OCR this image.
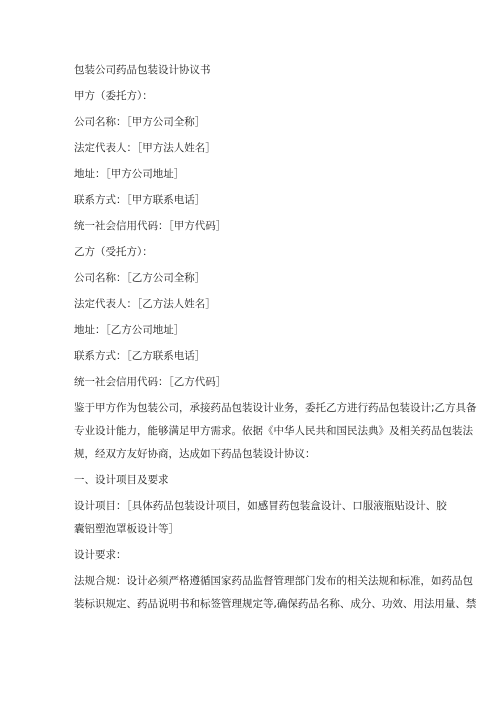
包装公司药品包装设计协议书
甲方（委托方）：
公司名称：［甲方公司全称］
法定代表人：［甲方法人姓名］
地址：［甲方公司地址］
联系方式：［甲方联系电话］
统一社会信用代码：［甲方代码］
乙方（受托方）：
公司名称：［乙方公司全称］
法定代表人：［乙方法人姓名］
地址：［乙方公司地址］
联系方式：［乙方联系电话］
统一社会信用代码：［乙方代码］
鉴于甲方作为包装公司，承接药品包装设计业务，委托乙方进行药品包装设计;乙方具备
专业设计能力，能够满足甲方需求。依据《中华人民共和国民法典》及相关药品包装法
规，经双方友好协商，达成如下药品包装设计协议：
一、设计项目及要求
设计项目：［具体药品包装设计项目，如感冒药包装盒设计、口服液瓶贴设计、胶
囊铝塑泡罩板设计等］
设计要求：
法规合规：设计必须严格遵循国家药品监督管理部门发布的相关法规和标准，如药品包
装标识规定、药品说明书和标签管理规定等,确保药品名称、成分、功效、用法用量、禁
